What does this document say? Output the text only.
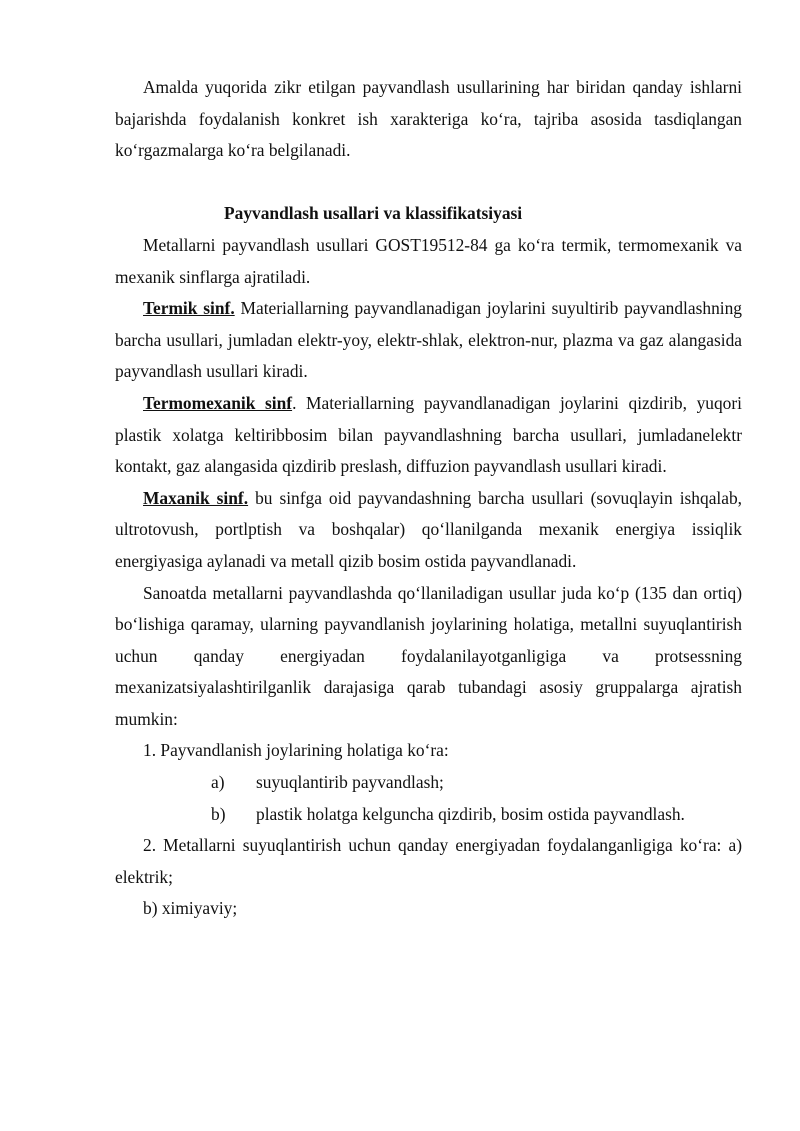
Amalda yuqorida zikr etilgan payvandlash usullarining har biridan qanday ishlarni bajarishda foydalanish konkret ish xarakteriga ko‘ra, tajriba asosida tasdiqlangan ko‘rgazmalarga ko‘ra belgilanadi.

Payvandlash usallari va klassifikatsiyasi

Metallarni payvandlash usullari GOST19512-84 ga ko‘ra termik, termomexanik va mexanik sinflarga ajratiladi.

Termik sinf. Materiallarning payvandlanadigan joylarini suyultirib payvandlashning barcha usullari, jumladan elektr-yoy, elektr-shlak, elektron-nur, plazma va gaz alangasida payvandlash usullari kiradi.

Termomexanik sinf. Materiallarning payvandlanadigan joylarini qizdirib, yuqori plastik xolatga keltiribbosim bilan payvandlashning barcha usullari, jumladanelektr kontakt, gaz alangasida qizdirib preslash, diffuzion payvandlash usullari kiradi.

Maxanik sinf. bu sinfga oid payvandashning barcha usullari (sovuqlayin ishqalab, ultrotovush, portlptish va boshqalar) qo‘llanilganda mexanik energiya issiqlik energiyasiga aylanadi va metall qizib bosim ostida payvandlanadi.

Sanoatda metallarni payvandlashda qo‘llaniladigan usullar juda ko‘p (135 dan ortiq) bo‘lishiga qaramay, ularning payvandlanish joylarining holatiga, metallni suyuqlantirish uchun qanday energiyadan foydalanilayotganligiga va protsessning mexanizatsiyalashtirilganlik darajasiga qarab tubandagi asosiy gruppalarga ajratish mumkin:

1. Payvandlanish joylarining holatiga ko‘ra:

a)	suyuqlantirib payvandlash;
b)	plastik holatga kelguncha qizdirib, bosim ostida payvandlash.

2. Metallarni suyuqlantirish uchun qanday energiyadan foydalanganligiga ko‘ra: a) elektrik;

b) ximiyaviy;
